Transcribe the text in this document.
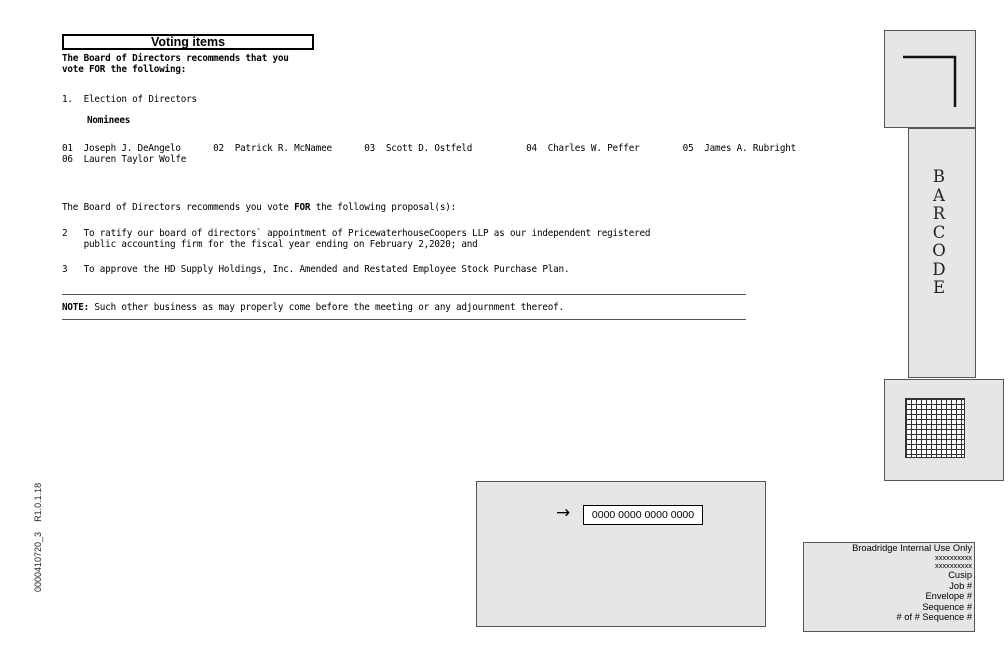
Voting items
The Board of Directors recommends that you
vote FOR the following:
1.  Election of Directors
Nominees
01  Joseph J. DeAngelo      02  Patrick R. McNamee      03  Scott D. Ostfeld          04  Charles W. Peffer        05  James A. Rubright
06  Lauren Taylor Wolfe
The Board of Directors recommends you vote FOR the following proposal(s):
2   To ratify our board of directors` appointment of PricewaterhouseCoopers LLP as our independent registered
public accounting firm for the fiscal year ending on February 2,2020; and
3   To approve the HD Supply Holdings, Inc. Amended and Restated Employee Stock Purchase Plan.
NOTE: Such other business as may properly come before the meeting or any adjournment thereof.
B
A
R
C
O
D
E
→	0000 0000 0000 0000
Broadridge Internal Use Only
xxxxxxxxxx
xxxxxxxxxx
Cusip
Job #
Envelope #
Sequence #
# of # Sequence #
0000410720_3    R1.0.1.18
